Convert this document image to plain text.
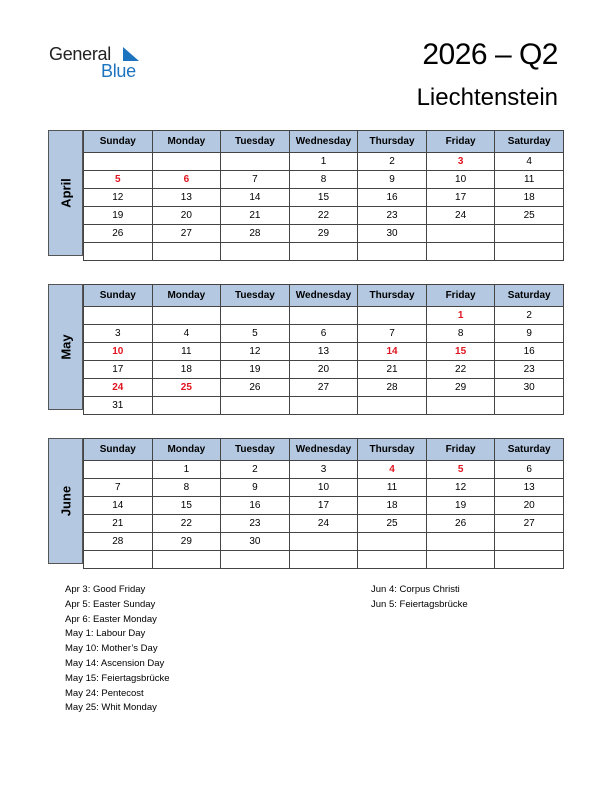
General
Blue	2026 – Q2
Liechtenstein
April
Sunday	Monday	Tuesday	Wednesday	Thursday	Friday	Saturday
			1	2	3	4
5	6	7	8	9	10	11
12	13	14	15	16	17	18
19	20	21	22	23	24	25
26	27	28	29	30		

May
Sunday	Monday	Tuesday	Wednesday	Thursday	Friday	Saturday
					1	2
3	4	5	6	7	8	9
10	11	12	13	14	15	16
17	18	19	20	21	22	23
24	25	26	27	28	29	30
31						
June
Sunday	Monday	Tuesday	Wednesday	Thursday	Friday	Saturday
	1	2	3	4	5	6
7	8	9	10	11	12	13
14	15	16	17	18	19	20
21	22	23	24	25	26	27
28	29	30				

Apr 3: Good Friday
Apr 5: Easter Sunday
Apr 6: Easter Monday
May 1: Labour Day
May 10: Mother’s Day
May 14: Ascension Day
May 15: Feiertagsbrücke
May 24: Pentecost
May 25: Whit Monday
Jun 4: Corpus Christi
Jun 5: Feiertagsbrücke
